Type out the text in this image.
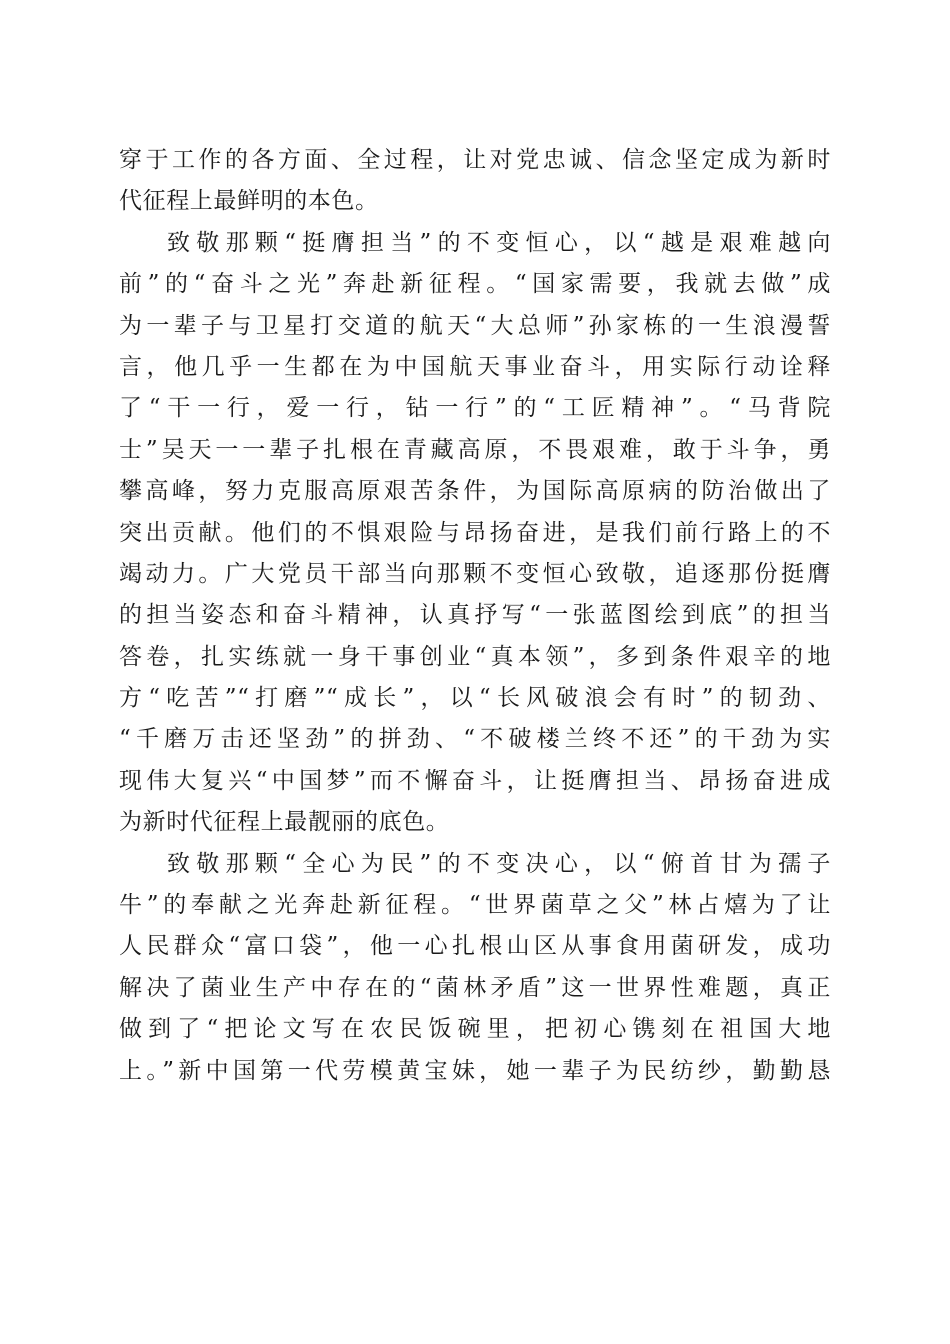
穿于工作的各方面、全过程，让对党忠诚、信念坚定成为新时
代征程上最鲜明的本色。
致敬那颗“挺膺担当”的不变恒心，以“越是艰难越向
前”的“奋斗之光”奔赴新征程。“国家需要，我就去做”成
为一辈子与卫星打交道的航天“大总师”孙家栋的一生浪漫誓
言，他几乎一生都在为中国航天事业奋斗，用实际行动诠释
了“干一行，爱一行，钻一行”的“工匠精神”。“马背院
士”吴天一一辈子扎根在青藏高原，不畏艰难，敢于斗争，勇
攀高峰，努力克服高原艰苦条件，为国际高原病的防治做出了
突出贡献。他们的不惧艰险与昂扬奋进，是我们前行路上的不
竭动力。广大党员干部当向那颗不变恒心致敬，追逐那份挺膺
的担当姿态和奋斗精神，认真抒写“一张蓝图绘到底”的担当
答卷，扎实练就一身干事创业“真本领”，多到条件艰辛的地
方“吃苦”“打磨”“成长”，以“长风破浪会有时”的韧劲、
“千磨万击还坚劲”的拼劲、“不破楼兰终不还”的干劲为实
现伟大复兴“中国梦”而不懈奋斗，让挺膺担当、昂扬奋进成
为新时代征程上最靓丽的底色。
致敬那颗“全心为民”的不变决心，以“俯首甘为孺子
牛”的奉献之光奔赴新征程。“世界菌草之父”林占熺为了让
人民群众“富口袋”，他一心扎根山区从事食用菌研发，成功
解决了菌业生产中存在的“菌林矛盾”这一世界性难题，真正
做到了“把论文写在农民饭碗里，把初心镌刻在祖国大地
上。”新中国第一代劳模黄宝妹，她一辈子为民纺纱，勤勤恳
